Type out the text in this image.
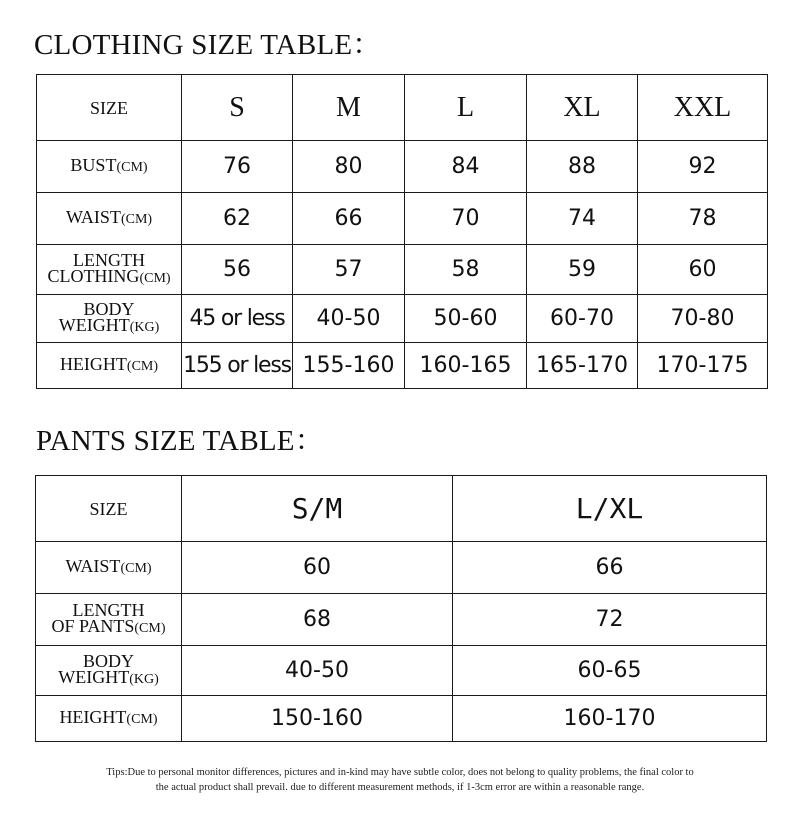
CLOTHING SIZE TABLE：
SIZE	S	M	L	XL	XXL
BUST(CM)	76	80	84	88	92
WAIST(CM)	62	66	70	74	78
LENGTH
CLOTHING(CM)	56	57	58	59	60
BODY
WEIGHT(KG)	45 or less	40-50	50-60	60-70	70-80
HEIGHT(CM)	155 or less	155-160	160-165	165-170	170-175
PANTS SIZE TABLE：
SIZE	S/M	L/XL
WAIST(CM)	60	66
LENGTH
OF PANTS(CM)	68	72
BODY
WEIGHT(KG)	40-50	60-65
HEIGHT(CM)	150-160	160-170
Tips:Due to personal monitor differences, pictures and in-kind may have subtle color, does not belong to quality problems, the final color to
the actual product shall prevail. due to different measurement methods, if 1-3cm error are within a reasonable range.
